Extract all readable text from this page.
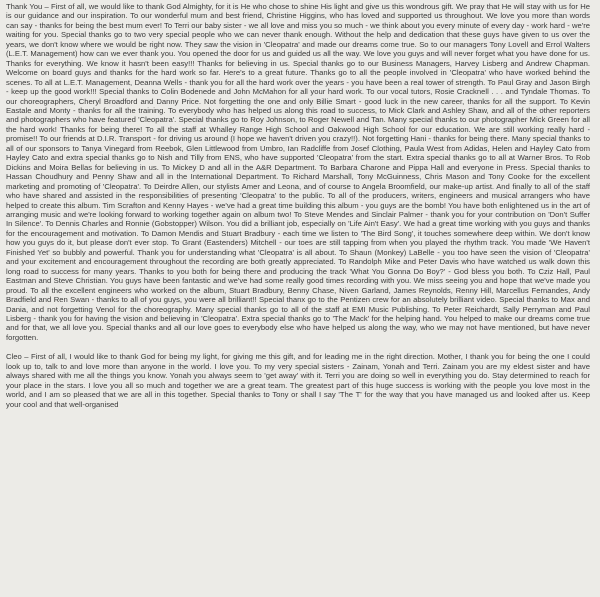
Thank You – First of all, we would like to thank God Almighty, for it is He who chose to shine His light and give us this wondrous gift. We pray that He will stay with us for He is our guidance and our inspiration. To our wonderful mum and best friend, Christine Higgins, who has loved and supported us throughout. We love you more than words can say - thanks for being the best mum ever! To Terri our baby sister - we all love and miss you so much - we think about you every minute of every day - work hard - we're waiting for you. Special thanks go to two very special people who we can never thank enough. Without the help and dedication that these guys have given to us over the years, we don't know where we would be right now. They saw the vision in 'Cleopatra' and made our dreams come true. So to our managers Tony Lovell and Errol Walters (L.E.T. Management) how can we ever thank you. You opened the door for us and guided us all the way. We love you guys and will never forget what you have done for us. Thanks for everything. We know it hasn't been easy!!! Thanks for believing in us. Special thanks go to our Business Managers, Harvey Lisberg and Andrew Chapman. Welcome on board guys and thanks for the hard work so far. Here's to a great future. Thanks go to all the people involved in 'Cleopatra' who have worked behind the scenes. To all at L.E.T. Management, Deanna Wells - thank you for all the hard work over the years - you have been a real tower of strength. To Paul Gray and Jason Birgh - keep up the good work!!! Special thanks to Colin Bodenede and John McMahon for all your hard work. To our vocal tutors, Rosie Cracknell . . . and Tyndale Thomas. To our choreographers, Cheryl Broadford and Danny Price. Not forgetting the one and only Billie Smart - good luck in the new career, thanks for all the support. To Kevin Eastale and Monty - thanks for all the training. To everybody who has helped us along this road to success, to Mick Clark and Ashley Shaw, and all of the other reporters and photographers who have featured 'Cleopatra'. Special thanks go to Roy Johnson, to Roger Newell and Tan. Many special thanks to our photographer Mick Green for all the hard work! Thanks for being there! To all the staff at Whalley Range High School and Oakwood High School for our education. We are still working really hard - promise!! To our friends at D.I.R. Transport - for driving us around (I hope we haven't driven you crazy!!). Not forgetting Hani - thanks for being there. Many special thanks to all of our sponsors to Tanya Vinegard from Reebok, Glen Littlewood from Umbro, Ian Radcliffe from Josef Clothing, Paula West from Adidas, Helen and Hayley Cato from Hayley Cato and extra special thanks go to Nish and Tilly from ENS, who have supported 'Cleopatra' from the start. Extra special thanks go to all at Warner Bros. To Rob Dickins and Moira Bellas for believing in us. To Mickey D and all in the A&R Department. To Barbara Charone and Pippa Hall and everyone in Press. Special thanks to Hassan Choudhury and Penny Shaw and all in the International Department. To Richard Marshall, Tony McGuinness, Chris Mason and Tony Cooke for the excellent marketing and promoting of 'Cleopatra'. To Deirdre Allen, our stylists Amer and Leona, and of course to Angela Broomfield, our make-up artist. And finally to all of the staff who have shared and assisted in the responsibilities of presenting 'Cleopatra' to the public. To all of the producers, writers, engineers and musical arrangers who have helped to create this album. Tim Scrafton and Kenny Hayes - we've had a great time building this album - you guys are the bomb! You have both enlightened us in the art of arranging music and we're looking forward to working together again on album two! To Steve Mendes and Sinclair Palmer - thank you for your contribution on 'Don't Suffer In Silence'. To Dennis Charles and Ronnie (Gobstopper) Wilson. You did a brilliant job, especially on 'Life Ain't Easy'. We had a great time working with you guys and thanks for the encouragement and motivation. To Damon Mendis and Stuart Bradbury - each time we listen to 'The Bird Song', it touches somewhere deep within. We don't know how you guys do it, but please don't ever stop. To Grant (Eastenders) Mitchell - our toes are still tapping from when you played the rhythm track. You made 'We Haven't Finished Yet' so bubbly and powerful. Thank you for understanding what 'Cleopatra' is all about. To Shaun (Monkey) LaBelle - you too have seen the vision of 'Cleopatra' and your excitement and encouragement throughout the recording are both greatly appreciated. To Randolph Mike and Peter Davis who have watched us walk down this long road to success for many years. Thanks to you both for being there and producing the track 'What You Gonna Do Boy?' - God bless you both. To Cziz Hall, Paul Eastman and Steve Christian. You guys have been fantastic and we've had some really good times recording with you. We miss seeing you and hope that we've made you proud. To all the excellent engineers who worked on the album, Stuart Bradbury, Benny Chase, Niven Garland, James Reynolds, Renny Hill, Marcellus Fernandes, Andy Bradfield and Ren Swan - thanks to all of you guys, you were all brilliant!! Special thanx go to the Pentizen crew for an absolutely brilliant video. Special thanks to Max and Dania, and not forgetting Venol for the choreography. Many special thanks go to all of the staff at EMI Music Publishing. To Peter Reichardt, Sally Perryman and Paul Lisberg - thank you for having the vision and believing in 'Cleopatra'. Extra special thanks go to 'The Mack' for the helping hand. You helped to make our dreams come true and for that, we all love you. Special thanks and all our love goes to everybody else who have helped us along the way, who we may not have mentioned, but have never forgotten.

Cleo – First of all, I would like to thank God for being my light, for giving me this gift, and for leading me in the right direction. Mother, I thank you for being the one I could look up to, talk to and love more than anyone in the world. I love you. To my very special sisters - Zainam, Yonah and Terri. Zainam you are my eldest sister and have always shared with me all the things you know. Yonah you always seem to 'get away' with it. Terri you are doing so well in everything you do. Stay determined to reach for your place in the stars. I love you all so much and together we are a great team. The greatest part of this huge success is working with the people you love most in the world, and I am so pleased that we are all in this together. Special thanks to Tony or shall I say 'The T' for the way that you have managed us and looked after us. Keep your cool and that well-organised
